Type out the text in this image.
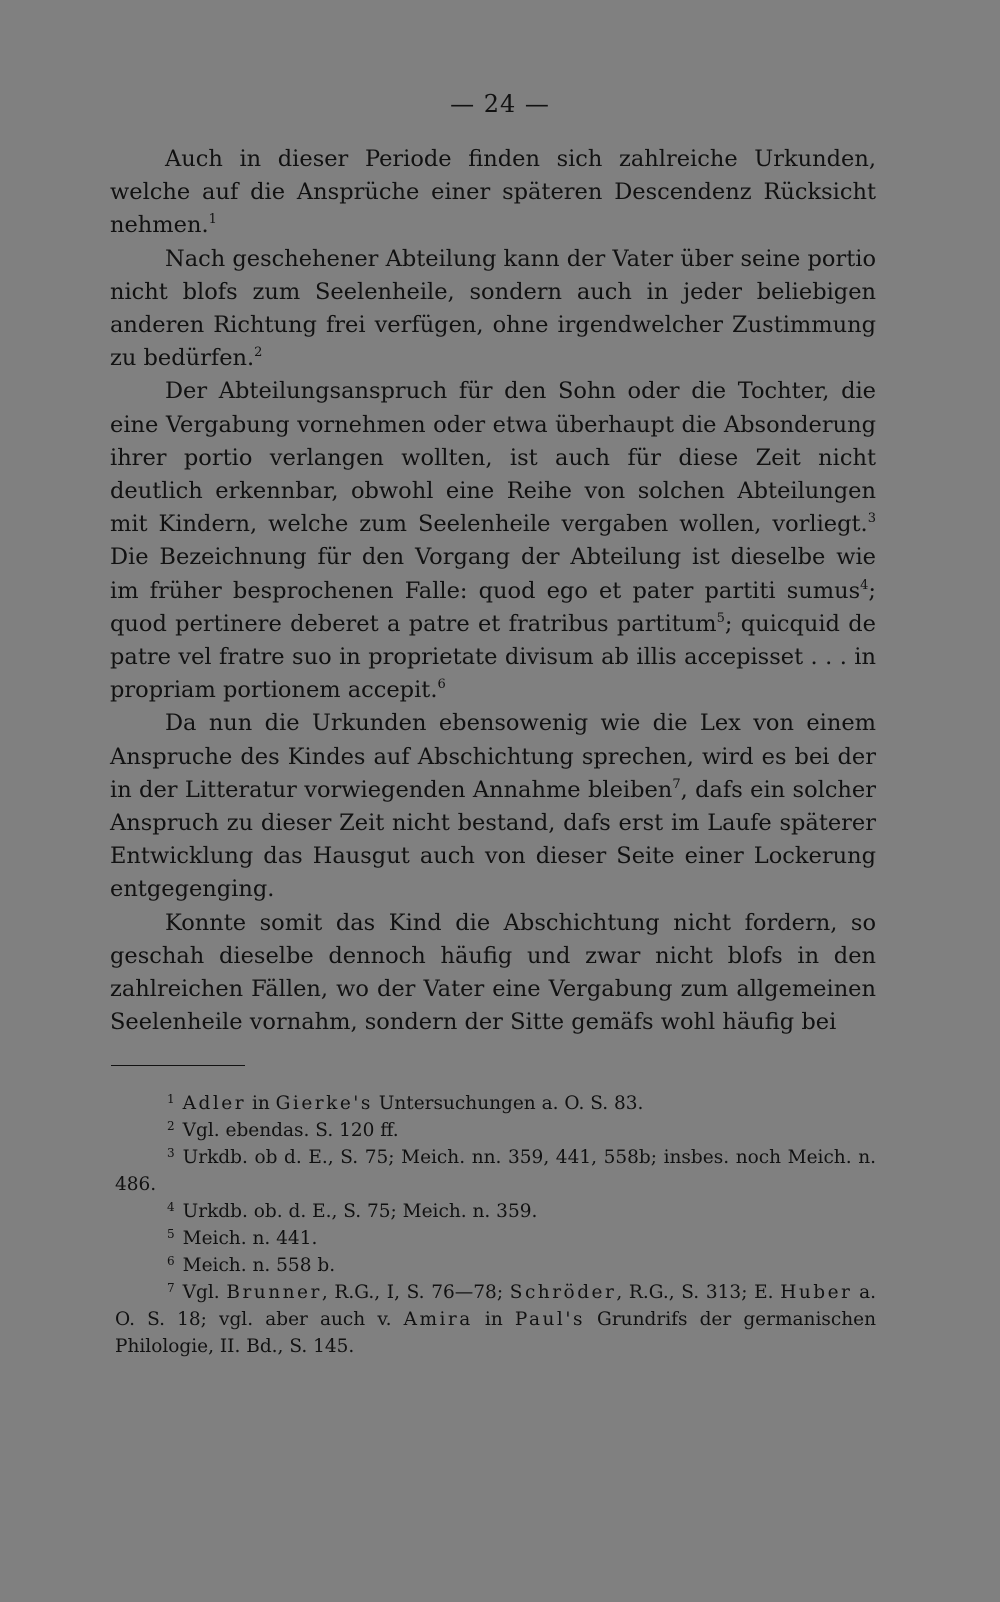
— 24 —

Auch in dieser Periode finden sich zahlreiche Urkunden, welche auf die Ansprüche einer späteren Descendenz Rücksicht nehmen.$^1$

Nach geschehener Abteilung kann der Vater über seine portio nicht blofs zum Seelenheile, sondern auch in jeder beliebigen anderen Richtung frei verfügen, ohne irgendwelcher Zustimmung zu bedürfen.$^2$

Der Abteilungsanspruch für den Sohn oder die Tochter, die eine Vergabung vornehmen oder etwa überhaupt die Absonderung ihrer portio verlangen wollten, ist auch für diese Zeit nicht deutlich erkennbar, obwohl eine Reihe von solchen Abteilungen mit Kindern, welche zum Seelenheile vergaben wollen, vorliegt.$^3$ Die Bezeichnung für den Vorgang der Abteilung ist dieselbe wie im früher besprochenen Falle: quod ego et pater partiti sumus$^4$; quod pertinere deberet a patre et fratribus partitum$^5$; quicquid de patre vel fratre suo in proprietate divisum ab illis accepisset . . . in propriam portionem accepit.$^6$

Da nun die Urkunden ebensowenig wie die Lex von einem Anspruche des Kindes auf Abschichtung sprechen, wird es bei der in der Litteratur vorwiegenden Annahme bleiben$^7$, dafs ein solcher Anspruch zu dieser Zeit nicht bestand, dafs erst im Laufe späterer Entwicklung das Hausgut auch von dieser Seite einer Lockerung entgegenging.

Konnte somit das Kind die Abschichtung nicht fordern, so geschah dieselbe dennoch häufig und zwar nicht blofs in den zahlreichen Fällen, wo der Vater eine Vergabung zum allgemeinen Seelenheile vornahm, sondern der Sitte gemäfs wohl häufig bei

$^1$ Adler in Gierke's Untersuchungen a. O. S. 83.

$^2$ Vgl. ebendas. S. 120 ff.

$^3$ Urkdb. ob d. E., S. 75; Meich. nn. 359, 441, 558b; insbes. noch Meich. n. 486.

$^4$ Urkdb. ob. d. E., S. 75; Meich. n. 359.

$^5$ Meich. n. 441.

$^6$ Meich. n. 558 b.

$^7$ Vgl. Brunner, R.G., I, S. 76—78; Schröder, R.G., S. 313; E. Huber a. O. S. 18; vgl. aber auch v. Amira in Paul's Grundrifs der germanischen Philologie, II. Bd., S. 145.
